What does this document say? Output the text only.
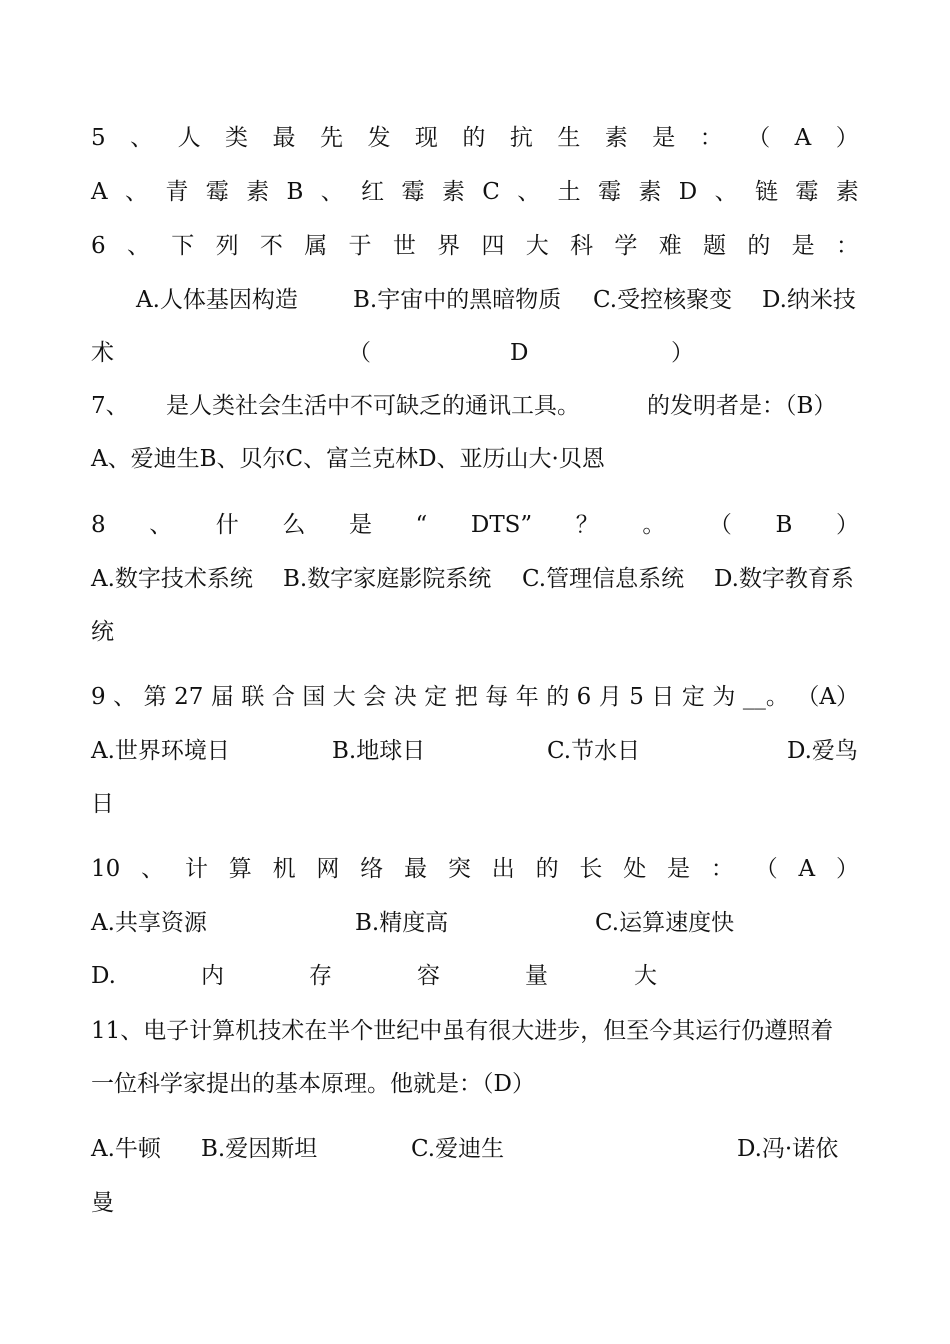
5 、 人 类 最 先 发 现 的 抗 生 素 是 ： （ A ）
A 、 青 霉 素 B 、 红 霉 素 C 、 土 霉 素 D 、 链 霉 素
6 、 下 列 不 属 于 世 界 四 大 科 学 难 题 的 是 ：
A.人体基因构造 B.宇宙中的黑暗物质 C.受控核聚变 D.纳米技
术	（	D	）
7、 是人类社会生活中不可缺乏的通讯工具。	的发明者是：（B）
A、爱迪生B、贝尔C、富兰克林D、亚历山大·贝恩
8 、 什 么 是 “ DTS” ？ 。 （ B ）
A.数字技术系统 B.数字家庭影院系统 C.管理信息系统 D.数字教育系
统
9 、 第 27 届 联 合 国 大 会 决 定 把 每 年 的 6 月 5 日 定 为 __。 （A）
A.世界环境日	B.地球日	C.节水日	D.爱鸟
日
10 、 计 算 机 网 络 最 突 出 的 长 处 是 ： （ A ）
A.共享资源	B.精度高	C.运算速度快
D.	内	存	容	量	大
11、电子计算机技术在半个世纪中虽有很大进步，但至今其运行仍遵照着
一位科学家提出的基本原理。他就是：（D）
A.牛顿 B.爱因斯坦	C.爱迪生	D.冯·诺依
曼
